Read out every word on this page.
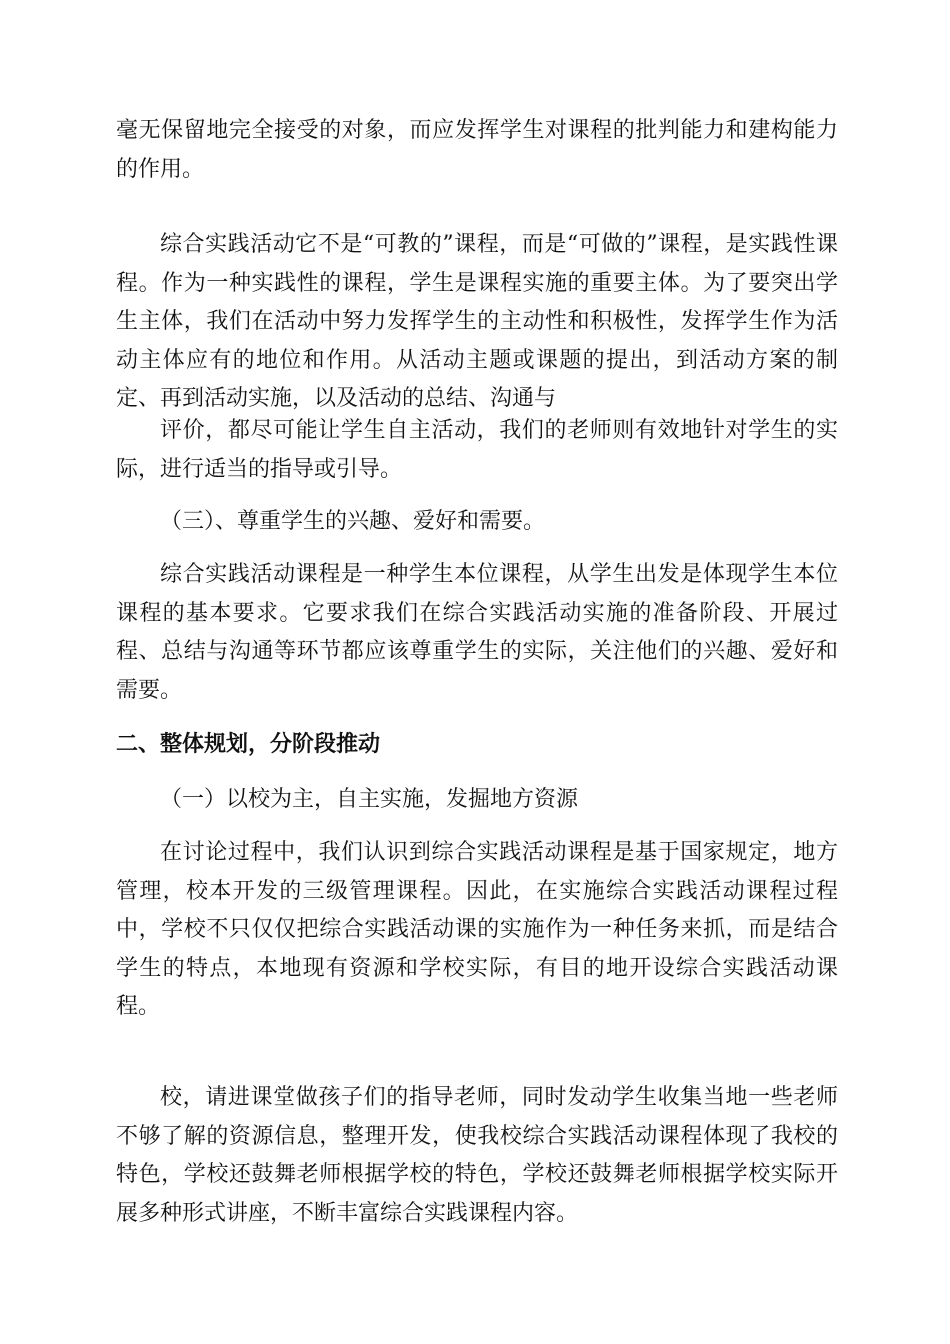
毫无保留地完全接受的对象，而应发挥学生对课程的批判能力和建构能力的作用。

综合实践活动它不是“可教的”课程，而是“可做的”课程，是实践性课程。作为一种实践性的课程，学生是课程实施的重要主体。为了要突出学生主体，我们在活动中努力发挥学生的主动性和积极性，发挥学生作为活动主体应有的地位和作用。从活动主题或课题的提出，到活动方案的制定、再到活动实施，以及活动的总结、沟通与

评价，都尽可能让学生自主活动，我们的老师则有效地针对学生的实际，进行适当的指导或引导。

（三）、尊重学生的兴趣、爱好和需要。

综合实践活动课程是一种学生本位课程，从学生出发是体现学生本位课程的基本要求。它要求我们在综合实践活动实施的准备阶段、开展过程、总结与沟通等环节都应该尊重学生的实际，关注他们的兴趣、爱好和需要。

二、整体规划，分阶段推动

（一）以校为主，自主实施，发掘地方资源

在讨论过程中，我们认识到综合实践活动课程是基于国家规定，地方管理，校本开发的三级管理课程。因此，在实施综合实践活动课程过程中，学校不只仅仅把综合实践活动课的实施作为一种任务来抓，而是结合学生的特点，本地现有资源和学校实际，有目的地开设综合实践活动课程。

校，请进课堂做孩子们的指导老师，同时发动学生收集当地一些老师不够了解的资源信息，整理开发，使我校综合实践活动课程体现了我校的特色，学校还鼓舞老师根据学校的特色，学校还鼓舞老师根据学校实际开展多种形式讲座，不断丰富综合实践课程内容。
